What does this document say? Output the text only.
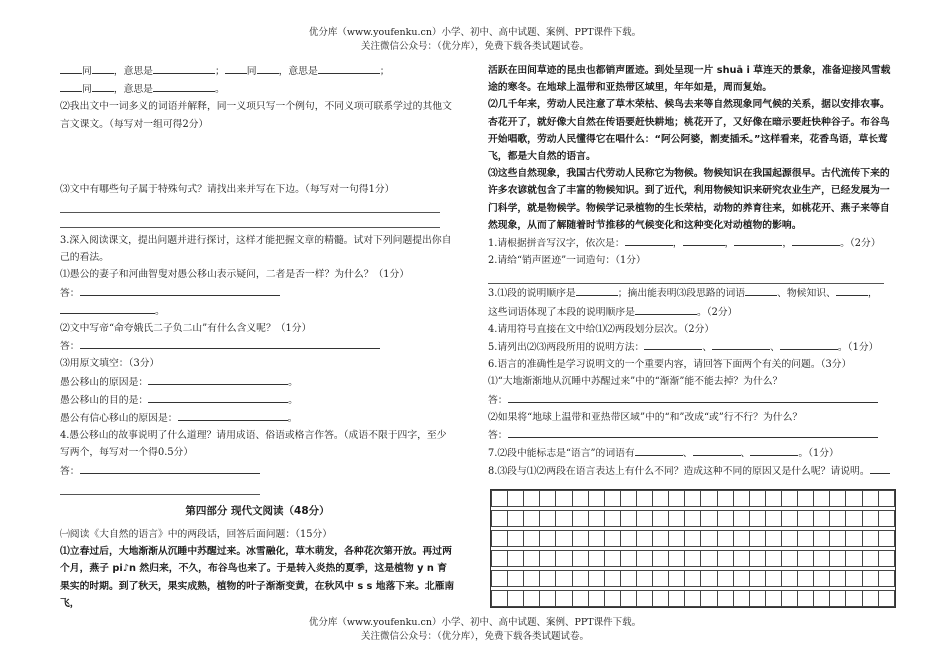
优分库（www.youfenku.cn）小学、初中、高中试题、案例、PPT课件下载。
关注微信公众号：（优分库），免费下载各类试题试卷。

同 ，意思是	； 同 ，意思是	；

同 ，意思是	。

⑵我出文中一词多义的词语并解释，同一义项只写一个例句，不同义项可联系学过的其他文言文课文。（每写对一组可得2分）

⑶文中有哪些句子属于特殊句式？请找出来并写在下边。（每写对一句得1分）

3.深入阅读课文，提出问题并进行探讨，这样才能把握文章的精髓。试对下列问题提出你自己的看法。

⑴愚公的妻子和河曲智叟对愚公移山表示疑问，二者是否一样？为什么？（1分）

答：

。

⑵文中写帝“命夸娥氏二子负二山”有什么含义呢？（1分）

答：

⑶用原文填空：（3分）

愚公移山的原因是：	。

愚公移山的目的是：	。

愚公有信心移山的原因是：	。

4.愚公移山的故事说明了什么道理？请用成语、俗语或格言作答。（成语不限于四字，至少写两个，每写对一个得0.5分）

答：

第四部分 现代文阅读（48分）

㈠阅读《大自然的语言》中的两段话，回答后面问题：（15分）

⑴立春过后，大地渐渐从沉睡中苏醒过来。冰雪融化，草木萌发，各种花次第开放。再过两个月，燕子 pi♪n 然归来，不久，布谷鸟也来了。于是转入炎热的夏季，这是植物 y n 育果实的时期。到了秋天，果实成熟，植物的叶子渐渐变黄，在秋风中 s s 地落下来。北雁南飞，

活跃在田间草迹的昆虫也都销声匿迹。到处呈现一片 shuā i 草连天的景象，准备迎接风雪载途的寒冬。在地球上温带和亚热带区域里，年年如是，周而复始。

⑵几千年来，劳动人民注意了草木荣枯、候鸟去来等自然现象同气候的关系，据以安排农事。杏花开了，就好像大自然在传语要赶快耕地；桃花开了，又好像在暗示要赶快种谷子。布谷鸟开始唱歌，劳动人民懂得它在唱什么：“阿公阿婆，割麦插禾。”这样看来，花香鸟语，草长莺飞，都是大自然的语言。

⑶这些自然现象，我国古代劳动人民称它为物候。物候知识在我国起源很早。古代流传下来的许多农谚就包含了丰富的物候知识。到了近代，利用物候知识来研究农业生产，已经发展为一门科学，就是物候学。物候学记录植物的生长荣枯，动物的养育往来，如桃花开、燕子来等自然现象，从而了解随着时节推移的气候变化和这种变化对动植物的影响。

1.请根据拼音写汉字，依次是：	，	，	，	。（2分）

2.请给“销声匿迹”一词造句：（1分）

3.⑴段的说明顺序是	；摘出能表明⑶段思路的词语	、物候知识、	，

这些词语体现了本段的说明顺序是	。（2分）

4.请用符号直接在文中给⑴⑵两段划分层次。（2分）

5.请列出⑵⑶两段所用的说明方法：	、	、	。（1分）

6.语言的准确性是学习说明文的一个重要内容，请回答下面两个有关的问题。（3分）

⑴“大地渐渐地从沉睡中苏醒过来”中的“渐渐”能不能去掉？为什么？

答：

⑵如果将“地球上温带和亚热带区域”中的“和”改成“或”行不行？为什么？

答：

7.⑵段中能标志是“语言”的词语有	、	、	。（1分）

8.⑶段与⑴⑵两段在语言表达上有什么不同？造成这种不同的原因又是什么呢？请说明。

优分库（www.youfenku.cn）小学、初中、高中试题、案例、PPT课件下载。
关注微信公众号：（优分库），免费下载各类试题试卷。
